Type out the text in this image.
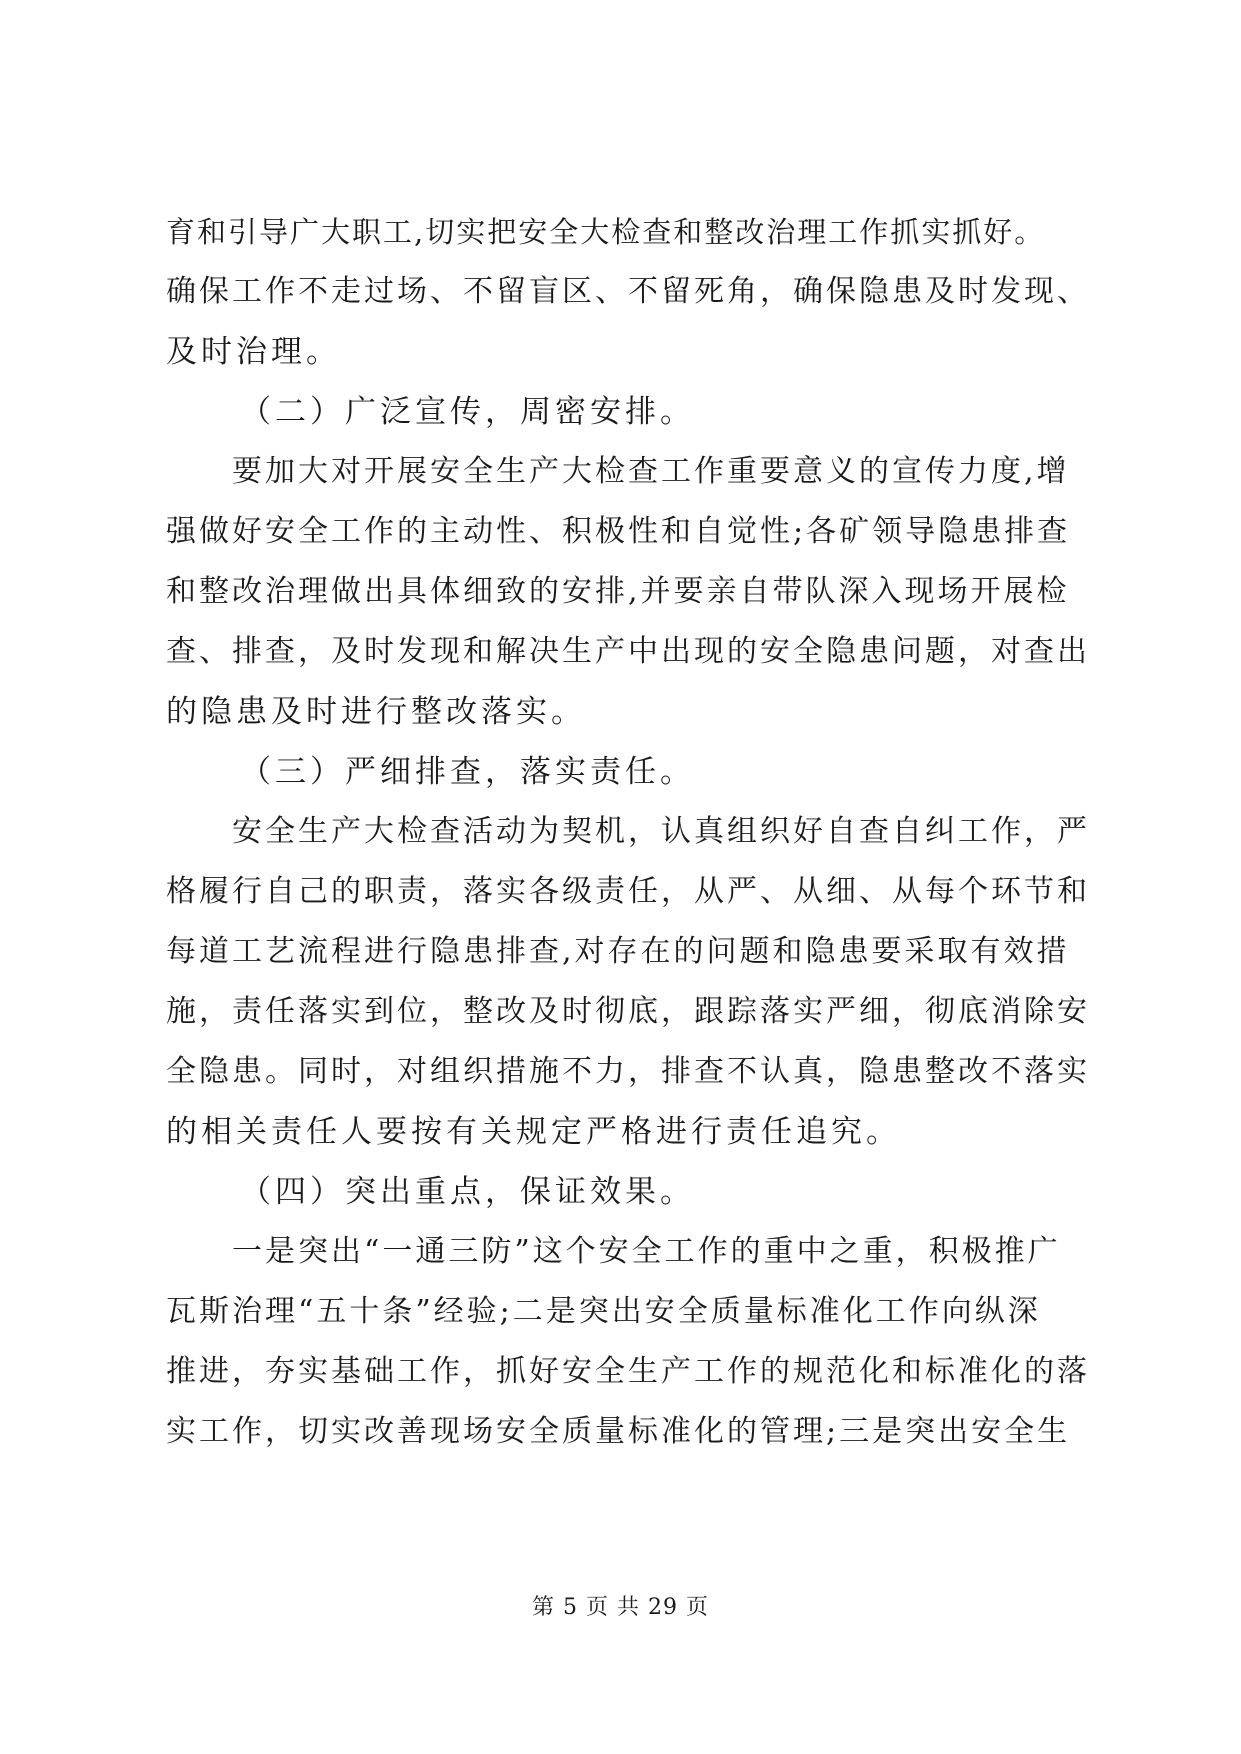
育和引导广大职工,切实把安全大检查和整改治理工作抓实抓好。
确保工作不走过场、不留盲区、不留死角，确保隐患及时发现、
及时治理。
（二）广泛宣传，周密安排。
要加大对开展安全生产大检查工作重要意义的宣传力度,增
强做好安全工作的主动性、积极性和自觉性;各矿领导隐患排查
和整改治理做出具体细致的安排,并要亲自带队深入现场开展检
查、排查，及时发现和解决生产中出现的安全隐患问题，对查出
的隐患及时进行整改落实。
（三）严细排查，落实责任。
安全生产大检查活动为契机，认真组织好自查自纠工作，严
格履行自己的职责，落实各级责任，从严、从细、从每个环节和
每道工艺流程进行隐患排查,对存在的问题和隐患要采取有效措
施，责任落实到位，整改及时彻底，跟踪落实严细，彻底消除安
全隐患。同时，对组织措施不力，排查不认真，隐患整改不落实
的相关责任人要按有关规定严格进行责任追究。
（四）突出重点，保证效果。
一是突出“一通三防”这个安全工作的重中之重，积极推广
瓦斯治理“五十条”经验;二是突出安全质量标准化工作向纵深
推进，夯实基础工作，抓好安全生产工作的规范化和标准化的落
实工作，切实改善现场安全质量标准化的管理;三是突出安全生
第 5 页 共 29 页
